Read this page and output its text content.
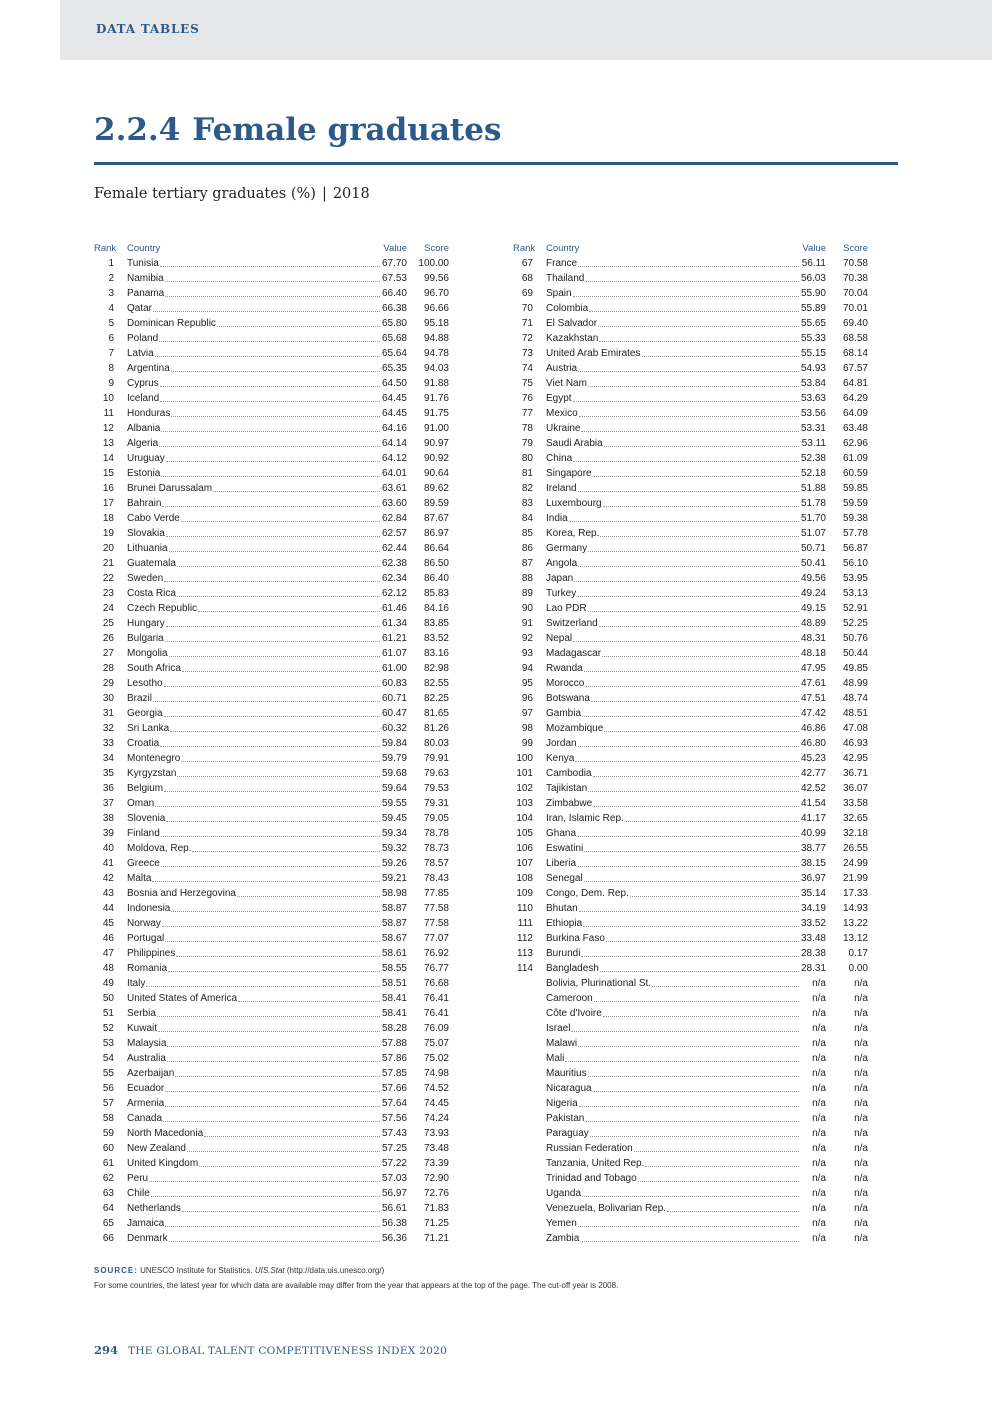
DATA TABLES
2.2.4 Female graduates
Female tertiary graduates (%) | 2018
Rank Country	Value	Score
1 Tunisia	67.70	100.00
2 Namibia	67.53	99.56
3 Panama	66.40	96.70
4 Qatar	66.38	96.66
5 Dominican Republic	65.80	95.18
6 Poland	65.68	94.88
7 Latvia	65.64	94.78
8 Argentina	65.35	94.03
9 Cyprus	64.50	91.88
10 Iceland	64.45	91.76
11 Honduras	64.45	91.75
12 Albania	64.16	91.00
13 Algeria	64.14	90.97
14 Uruguay	64.12	90.92
15 Estonia	64.01	90.64
16 Brunei Darussalam	63.61	89.62
17 Bahrain	63.60	89.59
18 Cabo Verde	62.84	87.67
19 Slovakia	62.57	86.97
20 Lithuania	62.44	86.64
21 Guatemala	62.38	86.50
22 Sweden	62.34	86.40
23 Costa Rica	62.12	85.83
24 Czech Republic	61.46	84.16
25 Hungary	61.34	83.85
26 Bulgaria	61.21	83.52
27 Mongolia	61.07	83.16
28 South Africa	61.00	82.98
29 Lesotho	60.83	82.55
30 Brazil	60.71	82.25
31 Georgia	60.47	81.65
32 Sri Lanka	60.32	81.26
33 Croatia	59.84	80.03
34 Montenegro	59.79	79.91
35 Kyrgyzstan	59.68	79.63
36 Belgium	59.64	79.53
37 Oman	59.55	79.31
38 Slovenia	59.45	79.05
39 Finland	59.34	78.78
40 Moldova, Rep.	59.32	78.73
41 Greece	59.26	78.57
42 Malta	59.21	78.43
43 Bosnia and Herzegovina	58.98	77.85
44 Indonesia	58.87	77.58
45 Norway	58.87	77.58
46 Portugal	58.67	77.07
47 Philippines	58.61	76.92
48 Romania	58.55	76.77
49 Italy	58.51	76.68
50 United States of America	58.41	76.41
51 Serbia	58.41	76.41
52 Kuwait	58.28	76.09
53 Malaysia	57.88	75.07
54 Australia	57.86	75.02
55 Azerbaijan	57.85	74.98
56 Ecuador	57.66	74.52
57 Armenia	57.64	74.45
58 Canada	57.56	74.24
59 North Macedonia	57.43	73.93
60 New Zealand	57.25	73.48
61 United Kingdom	57.22	73.39
62 Peru	57.03	72.90
63 Chile	56.97	72.76
64 Netherlands	56.61	71.83
65 Jamaica	56.38	71.25
66 Denmark	56.36	71.21
Rank Country	Value	Score
67 France	56.11	70.58
68 Thailand	56.03	70.38
69 Spain	55.90	70.04
70 Colombia	55.89	70.01
71 El Salvador	55.65	69.40
72 Kazakhstan	55.33	68.58
73 United Arab Emirates	55.15	68.14
74 Austria	54.93	67.57
75 Viet Nam	53.84	64.81
76 Egypt	53.63	64.29
77 Mexico	53.56	64.09
78 Ukraine	53.31	63.48
79 Saudi Arabia	53.11	62.96
80 China	52.38	61.09
81 Singapore	52.18	60.59
82 Ireland	51.88	59.85
83 Luxembourg	51.78	59.59
84 India	51.70	59.38
85 Korea, Rep.	51.07	57.78
86 Germany	50.71	56.87
87 Angola	50.41	56.10
88 Japan	49.56	53.95
89 Turkey	49.24	53.13
90 Lao PDR	49.15	52.91
91 Switzerland	48.89	52.25
92 Nepal	48.31	50.76
93 Madagascar	48.18	50.44
94 Rwanda	47.95	49.85
95 Morocco	47.61	48.99
96 Botswana	47.51	48.74
97 Gambia	47.42	48.51
98 Mozambique	46.86	47.08
99 Jordan	46.80	46.93
100 Kenya	45.23	42.95
101 Cambodia	42.77	36.71
102 Tajikistan	42.52	36.07
103 Zimbabwe	41.54	33.58
104 Iran, Islamic Rep.	41.17	32.65
105 Ghana	40.99	32.18
106 Eswatini	38.77	26.55
107 Liberia	38.15	24.99
108 Senegal	36.97	21.99
109 Congo, Dem. Rep.	35.14	17.33
110 Bhutan	34.19	14.93
111 Ethiopia	33.52	13.22
112 Burkina Faso	33.48	13.12
113 Burundi	28.38	0.17
114 Bangladesh	28.31	0.00
Bolivia, Plurinational St.	n/a	n/a
Cameroon	n/a	n/a
Côte d'Ivoire	n/a	n/a
Israel	n/a	n/a
Malawi	n/a	n/a
Mali	n/a	n/a
Mauritius	n/a	n/a
Nicaragua	n/a	n/a
Nigeria	n/a	n/a
Pakistan	n/a	n/a
Paraguay	n/a	n/a
Russian Federation	n/a	n/a
Tanzania, United Rep.	n/a	n/a
Trinidad and Tobago	n/a	n/a
Uganda	n/a	n/a
Venezuela, Bolivarian Rep.	n/a	n/a
Yemen	n/a	n/a
Zambia	n/a	n/a
SOURCE: UNESCO Institute for Statistics. UIS.Stat (http://data.uis.unesco.org/)
For some countries, the latest year for which data are available may differ from the year that appears at the top of the page. The cut-off year is 2008.
294 THE GLOBAL TALENT COMPETITIVENESS INDEX 2020
